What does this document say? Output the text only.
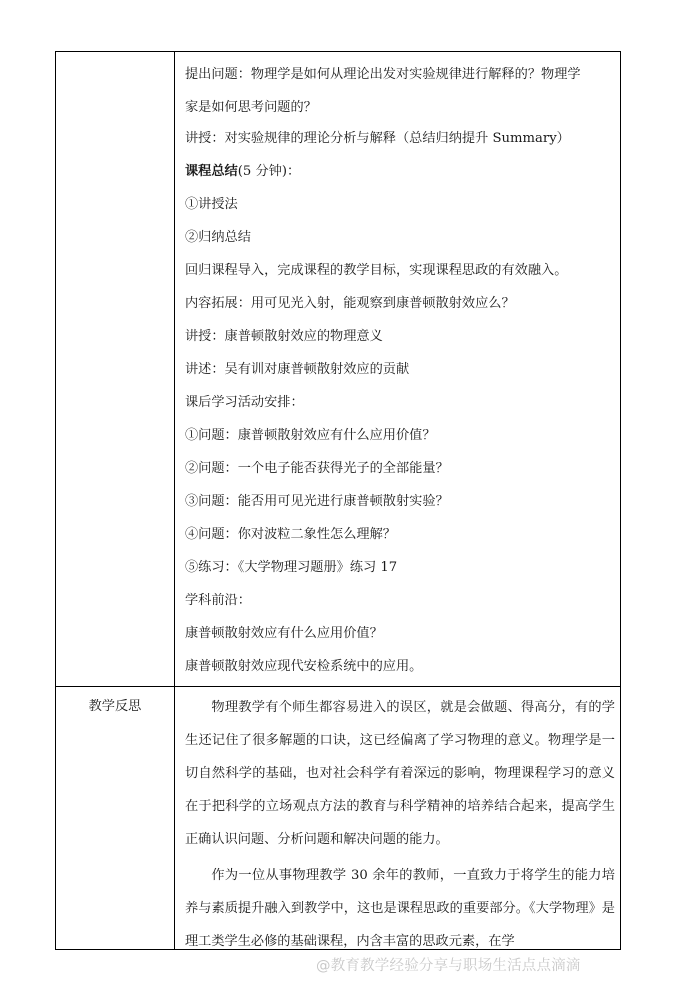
提出问题：物理学是如何从理论出发对实验规律进行解释的？物理学
家是如何思考问题的？
讲授：对实验规律的理论分析与解释（总结归纳提升 Summary）
课程总结(5 分钟)：
①讲授法
②归纳总结
回归课程导入，完成课程的教学目标，实现课程思政的有效融入。
内容拓展：用可见光入射，能观察到康普顿散射效应么？
讲授：康普顿散射效应的物理意义
讲述：吴有训对康普顿散射效应的贡献
课后学习活动安排：
①问题：康普顿散射效应有什么应用价值？
②问题：一个电子能否获得光子的全部能量？
③问题：能否用可见光进行康普顿散射实验？
④问题：你对波粒二象性怎么理解？
⑤练习：《大学物理习题册》练习 17
学科前沿：
康普顿散射效应有什么应用价值？
康普顿散射效应现代安检系统中的应用。
教学反思	物理教学有个师生都容易进入的误区，就是会做题、得高分，有的学生还记住了很多解题的口诀，这已经偏离了学习物理的意义。物理学是一切自然科学的基础，也对社会科学有着深远的影响，物理课程学习的意义在于把科学的立场观点方法的教育与科学精神的培养结合起来，提高学生正确认识问题、分析问题和解决问题的能力。

作为一位从事物理教学 30 余年的教师，一直致力于将学生的能力培养与素质提升融入到教学中，这也是课程思政的重要部分。《大学物理》是理工类学生必修的基础课程，内含丰富的思政元素，在学

@教育教学经验分享与职场生活点点滴滴
